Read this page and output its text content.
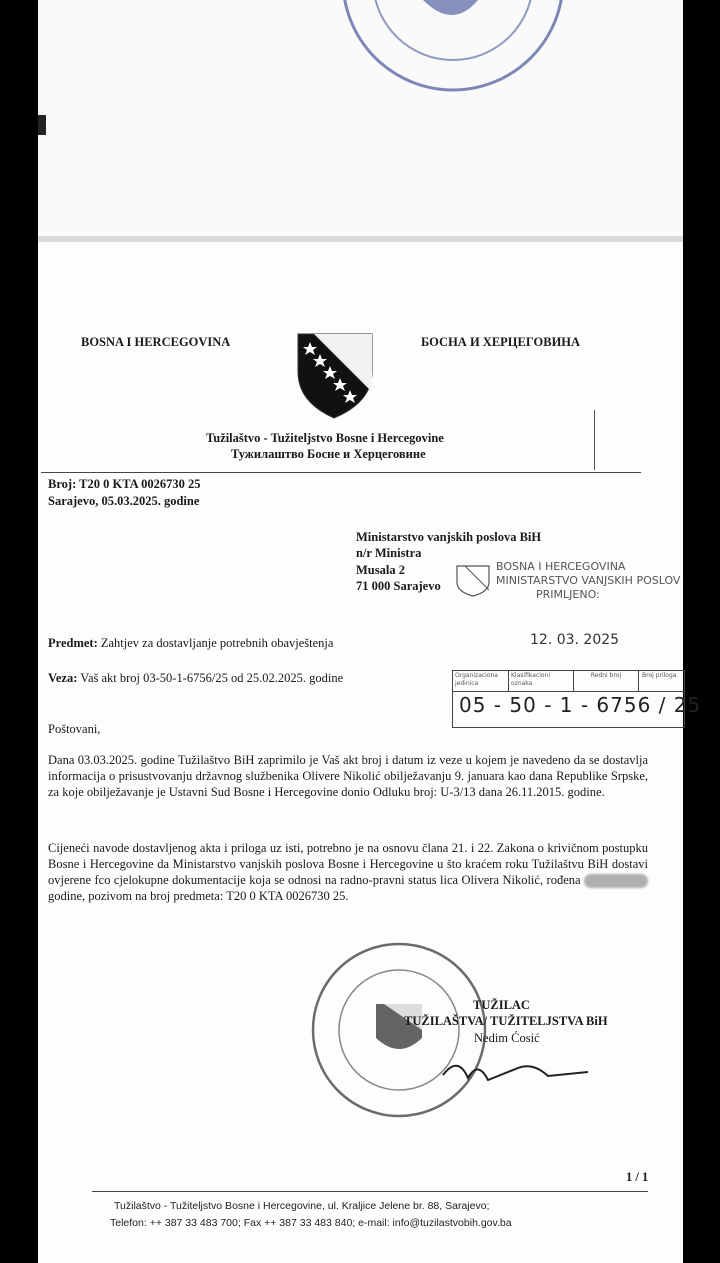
BOSNA I HERCEGOVINA	БОСНА И ХЕРЦЕГОВИНА
Tužilaštvo - Tužiteljstvo Bosne i Hercegovine
Тужилаштво Босне и Херцеговине
Broj: T20 0 KTA 0026730 25
Sarajevo, 05.03.2025. godine
Ministarstvo vanjskih poslova BiH
n/r Ministra
Musala 2
71 000 Sarajevo
BOSNA I HERCEGOVINA
MINISTARSTVO VANJSKIH POSLOV
PRIMLJENO:
12. 03. 2025
Organizaciona jedinica
Klasifikacioni oznaka
Redni broj	Broj priloga
05 - 50 - 1 - 6756 / 25
Predmet: Zahtjev za dostavljanje potrebnih obavještenja
Veza: Vaš akt broj 03-50-1-6756/25 od 25.02.2025. godine
Poštovani,
Dana 03.03.2025. godine Tužilaštvo BiH zaprimilo je Vaš akt broj i datum iz veze u kojem je navedeno da se dostavlja informacija o prisustvovanju državnog službenika Olivere Nikolić obilježavanju 9. januara kao dana Republike Srpske, za koje obilježavanje je Ustavni Sud Bosne i Hercegovine donio Odluku broj: U-3/13 dana 26.11.2015. godine.
Cijeneći navode dostavljenog akta i priloga uz isti, potrebno je na osnovu člana 21. i 22. Zakona o krivičnom postupku Bosne i Hercegovine da Ministarstvo vanjskih poslova Bosne i Hercegovine u što kraćem roku Tužilaštvu BiH dostavi ovjerene fco cjelokupne dokumentacije koja se odnosi na radno-pravni status lica Olivera Nikolić, rođena  godine, pozivom na broj predmeta: T20 0 KTA 0026730 25.
TUŽILAC
TUŽILAŠTVA/ TUŽITELJSTVA BiH
Nedim Ćosić
1 / 1
Tužilaštvo - Tužiteljstvo Bosne i Hercegovine, ul. Kraljice Jelene br. 88, Sarajevo;
Telefon: ++ 387 33 483 700; Fax ++ 387 33 483 840; e-mail: info@tuzilastvobih.gov.ba
